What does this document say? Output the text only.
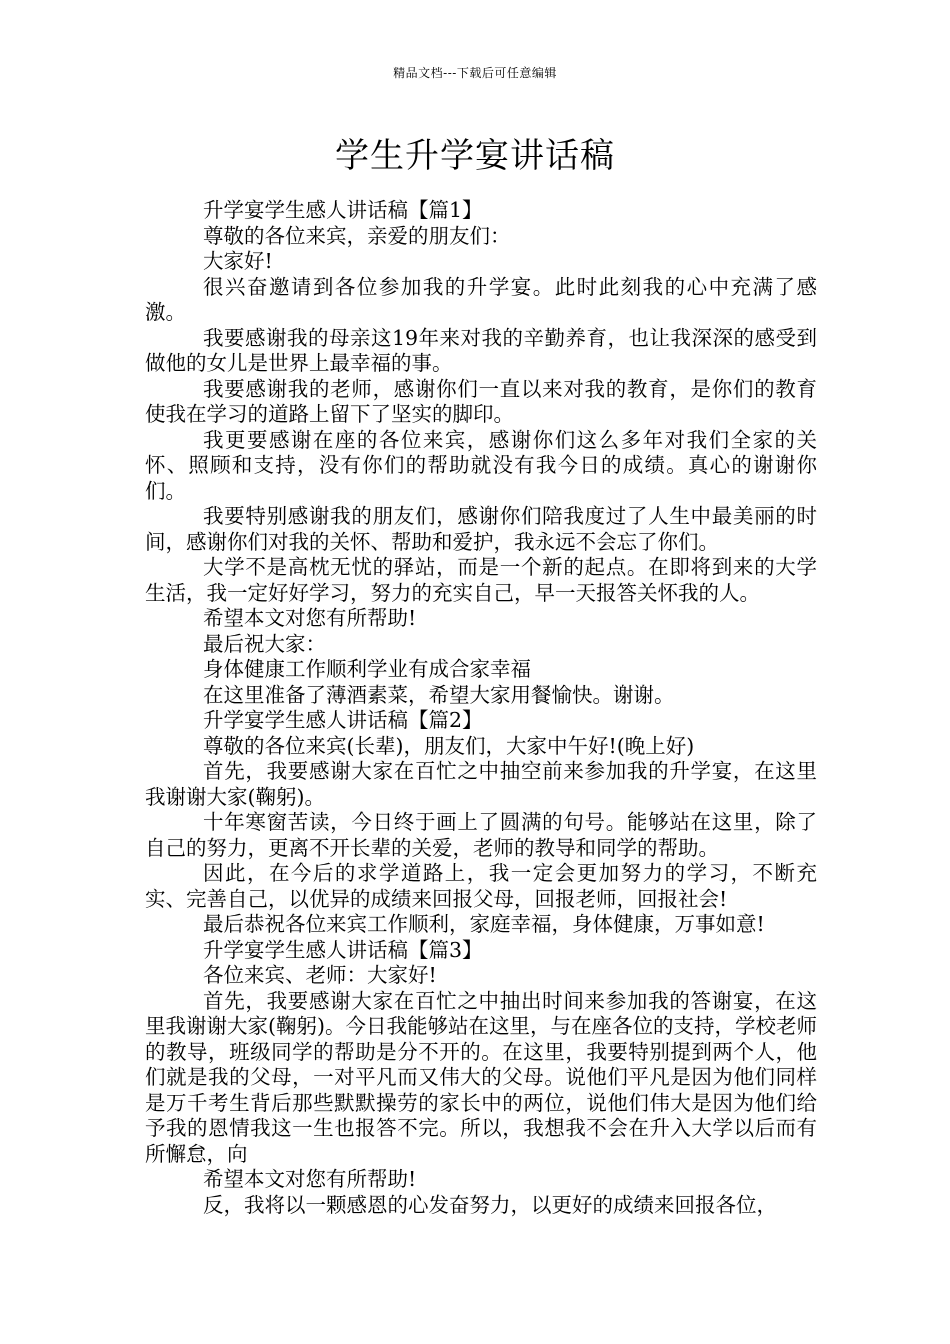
精品文档---下载后可任意编辑
学生升学宴讲话稿

升学宴学生感人讲话稿【篇1】

尊敬的各位来宾，亲爱的朋友们：

大家好!

很兴奋邀请到各位参加我的升学宴。此时此刻我的心中充满了感激。

我要感谢我的母亲这19年来对我的辛勤养育，也让我深深的感受到做他的女儿是世界上最幸福的事。

我要感谢我的老师，感谢你们一直以来对我的教育，是你们的教育使我在学习的道路上留下了坚实的脚印。

我更要感谢在座的各位来宾，感谢你们这么多年对我们全家的关怀、照顾和支持，没有你们的帮助就没有我今日的成绩。真心的谢谢你们。

我要特别感谢我的朋友们，感谢你们陪我度过了人生中最美丽的时间，感谢你们对我的关怀、帮助和爱护，我永远不会忘了你们。

大学不是高枕无忧的驿站，而是一个新的起点。在即将到来的大学生活，我一定好好学习，努力的充实自己，早一天报答关怀我的人。

希望本文对您有所帮助!

最后祝大家：

身体健康工作顺利学业有成合家幸福

在这里准备了薄酒素菜，希望大家用餐愉快。谢谢。

升学宴学生感人讲话稿【篇2】

尊敬的各位来宾(长辈)，朋友们，大家中午好!(晚上好)

首先，我要感谢大家在百忙之中抽空前来参加我的升学宴，在这里我谢谢大家(鞠躬)。

十年寒窗苦读，今日终于画上了圆满的句号。能够站在这里，除了自己的努力，更离不开长辈的关爱，老师的教导和同学的帮助。

因此，在今后的求学道路上，我一定会更加努力的学习，不断充实、完善自己，以优异的成绩来回报父母，回报老师，回报社会!

最后恭祝各位来宾工作顺利，家庭幸福，身体健康，万事如意!

升学宴学生感人讲话稿【篇3】

各位来宾、老师：大家好!

首先，我要感谢大家在百忙之中抽出时间来参加我的答谢宴，在这里我谢谢大家(鞠躬)。今日我能够站在这里，与在座各位的支持，学校老师的教导，班级同学的帮助是分不开的。在这里，我要特别提到两个人，他们就是我的父母，一对平凡而又伟大的父母。说他们平凡是因为他们同样是万千考生背后那些默默操劳的家长中的两位，说他们伟大是因为他们给予我的恩情我这一生也报答不完。所以，我想我不会在升入大学以后而有所懈怠，向

希望本文对您有所帮助!

反，我将以一颗感恩的心发奋努力，以更好的成绩来回报各位，
